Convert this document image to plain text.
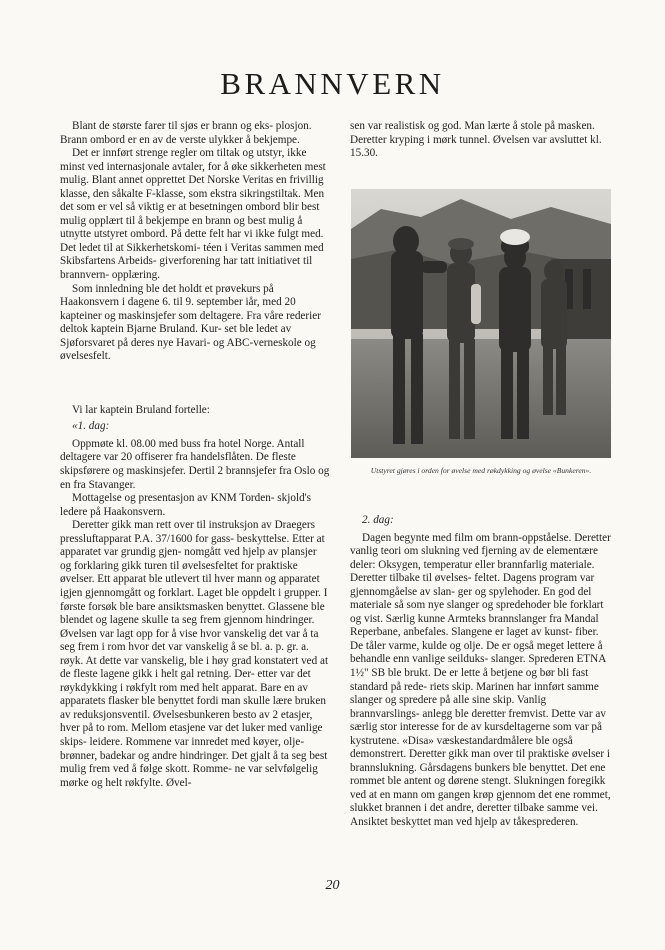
BRANNVERN

Blant de største farer til sjøs er brann og eks- plosjon. Brann ombord er en av de verste ulykker å bekjempe.

Det er innført strenge regler om tiltak og utstyr, ikke minst ved internasjonale avtaler, for å øke sikkerheten mest mulig. Blant annet opprettet Det Norske Veritas en frivillig klasse, den såkalte F-klasse, som ekstra sikringstiltak. Men det som er vel så viktig er at besetningen ombord blir best mulig opplært til å bekjempe en brann og best mulig å utnytte utstyret ombord. På dette felt har vi ikke fulgt med. Det ledet til at Sikkerhetskomi- téen i Veritas sammen med Skibsfartens Arbeids- giverforening har tatt initiativet til brannvern- opplæring.

Som innledning ble det holdt et prøvekurs på Haakonsvern i dagene 6. til 9. september iår, med 20 kapteiner og maskinsjefer som deltagere. Fra våre rederier deltok kaptein Bjarne Bruland. Kur- set ble ledet av Sjøforsvaret på deres nye Havari- og ABC-verneskole og øvelsesfelt.

Vi lar kaptein Bruland fortelle:

«1. dag:

Oppmøte kl. 08.00 med buss fra hotel Norge. Antall deltagere var 20 offiserer fra handelsflåten. De fleste skipsførere og maskinsjefer. Dertil 2 brannsjefer fra Oslo og en fra Stavanger.

Mottagelse og presentasjon av KNM Torden- skjold's ledere på Haakonsvern.

Deretter gikk man rett over til instruksjon av Draegers pressluftapparat P.A. 37/1600 for gass- beskyttelse. Etter at apparatet var grundig gjen- nomgått ved hjelp av plansjer og forklaring gikk turen til øvelsesfeltet for praktiske øvelser. Ett apparat ble utlevert til hver mann og apparatet igjen gjennomgått og forklart. Laget ble oppdelt i grupper. I første forsøk ble bare ansiktsmasken benyttet. Glassene ble blendet og lagene skulle ta seg frem gjennom hindringer. Øvelsen var lagt opp for å vise hvor vanskelig det var å ta seg frem i rom hvor det var vanskelig å se bl. a. p. gr. a. røyk. At dette var vanskelig, ble i høy grad konstatert ved at de fleste lagene gikk i helt gal retning. Der- etter var det røykdykking i røkfylt rom med helt apparat. Bare en av apparatets flasker ble benyttet fordi man skulle lære bruken av reduksjonsventil. Øvelsesbunkeren besto av 2 etasjer, hver på to rom. Mellom etasjene var det luker med vanlige skips- leidere. Rommene var innredet med køyer, olje- brønner, badekar og andre hindringer. Det gjalt å ta seg best mulig frem ved å følge skott. Romme- ne var selvfølgelig mørke og helt røkfylte. Øvel-

sen var realistisk og god. Man lærte å stole på masken. Deretter kryping i mørk tunnel. Øvelsen var avsluttet kl. 15.30.

Utstyret gjøres i orden for øvelse med røkdykking og øvelse «Bunkeren».

2. dag:

Dagen begynte med film om brann-oppståelse. Deretter vanlig teori om slukning ved fjerning av de elementære deler: Oksygen, temperatur eller brannfarlig materiale. Deretter tilbake til øvelses- feltet. Dagens program var gjennomgåelse av slan- ger og spylehoder. En god del materiale så som nye slanger og spredehoder ble forklart og vist. Særlig kunne Armteks brannslanger fra Mandal Reperbane, anbefales. Slangene er laget av kunst- fiber. De tåler varme, kulde og olje. De er også meget lettere å behandle enn vanlige seilduks- slanger. Sprederen ETNA 1½" SB ble brukt. De er lette å betjene og bør bli fast standard på rede- riets skip. Marinen har innført samme slanger og spredere på alle sine skip. Vanlig brannvarslings- anlegg ble deretter fremvist. Dette var av særlig stor interesse for de av kursdeltagerne som var på kystrutene. «Disa» væskestandardmålere ble også demonstrert. Deretter gikk man over til praktiske øvelser i brannslukning. Gårsdagens bunkers ble benyttet. Det ene rommet ble antent og dørene stengt. Slukningen foregikk ved at en mann om gangen krøp gjennom det ene rommet, slukket brannen i det andre, deretter tilbake samme vei. Ansiktet beskyttet man ved hjelp av tåkesprederen.

20
